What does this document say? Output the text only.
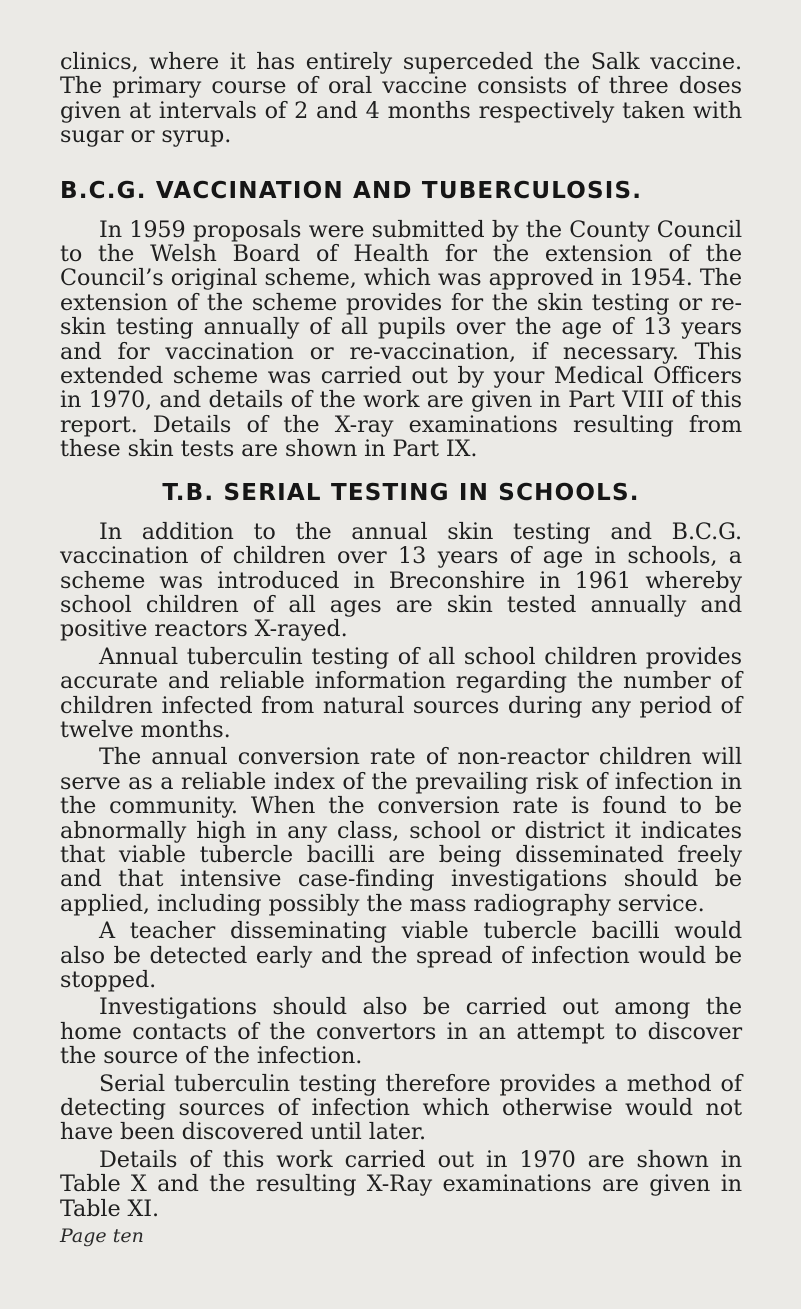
clinics, where it has entirely superceded the Salk vaccine. The primary course of oral vaccine consists of three doses given at intervals of 2 and 4 months respectively taken with sugar or syrup.

B.C.G. VACCINATION AND TUBERCULOSIS.

In 1959 proposals were submitted by the County Council to the Welsh Board of Health for the extension of the Council’s original scheme, which was approved in 1954. The extension of the scheme provides for the skin testing or re-skin testing annually of all pupils over the age of 13 years and for vaccination or re-vaccination, if necessary. This extended scheme was carried out by your Medical Officers in 1970, and details of the work are given in Part VIII of this report. Details of the X-ray examinations resulting from these skin tests are shown in Part IX.

T.B. SERIAL TESTING IN SCHOOLS.

In addition to the annual skin testing and B.C.G. vaccination of children over 13 years of age in schools, a scheme was introduced in Breconshire in 1961 whereby school children of all ages are skin tested annually and positive reactors X-rayed.

Annual tuberculin testing of all school children provides accurate and reliable information regarding the number of children infected from natural sources during any period of twelve months.

The annual conversion rate of non-reactor children will serve as a reliable index of the prevailing risk of infection in the community. When the conversion rate is found to be abnormally high in any class, school or district it indicates that viable tubercle bacilli are being disseminated freely and that intensive case-finding investigations should be applied, including possibly the mass radiography service.

A teacher disseminating viable tubercle bacilli would also be detected early and the spread of infection would be stopped.

Investigations should also be carried out among the home contacts of the convertors in an attempt to discover the source of the infection.

Serial tuberculin testing therefore provides a method of detecting sources of infection which otherwise would not have been discovered until later.

Details of this work carried out in 1970 are shown in Table X and the resulting X-Ray examinations are given in Table XI.

Page ten
